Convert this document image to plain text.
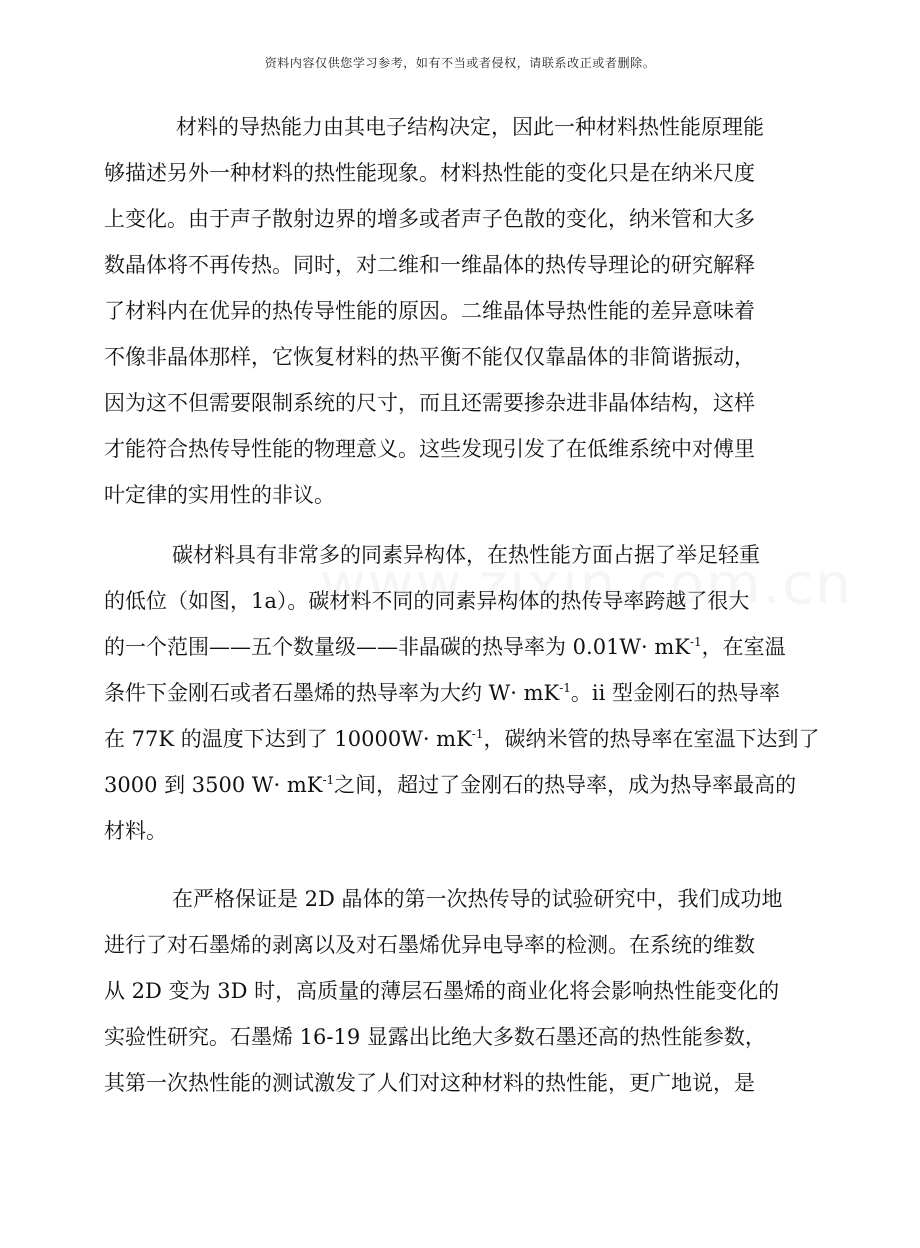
资料内容仅供您学习参考，如有不当或者侵权，请联系改正或者删除。
材料的导热能力由其电子结构决定，因此一种材料热性能原理能
够描述另外一种材料的热性能现象。材料热性能的变化只是在纳米尺度
上变化。由于声子散射边界的增多或者声子色散的变化，纳米管和大多
数晶体将不再传热。同时，对二维和一维晶体的热传导理论的研究解释
了材料内在优异的热传导性能的原因。二维晶体导热性能的差异意味着
不像非晶体那样，它恢复材料的热平衡不能仅仅靠晶体的非简谐振动，
因为这不但需要限制系统的尺寸，而且还需要掺杂进非晶体结构，这样
才能符合热传导性能的物理意义。这些发现引发了在低维系统中对傅里
叶定律的实用性的非议。
碳材料具有非常多的同素异构体，在热性能方面占据了举足轻重
的低位（如图，1a）。碳材料不同的同素异构体的热传导率跨越了很大
的一个范围——五个数量级——非晶碳的热导率为 $0.01W\cdot mK^{-1}$，在室温
条件下金刚石或者石墨烯的热导率为大约 $W\cdot mK^{-1}$。ii 型金刚石的热导率
在 77K 的温度下达到了 $10000W\cdot mK^{-1}$，碳纳米管的热导率在室温下达到了
3000 到 3500 $W\cdot mK^{-1}$之间，超过了金刚石的热导率，成为热导率最高的
材料。
在严格保证是 2D 晶体的第一次热传导的试验研究中，我们成功地
进行了对石墨烯的剥离以及对石墨烯优异电导率的检测。在系统的维数
从 2D 变为 3D 时，高质量的薄层石墨烯的商业化将会影响热性能变化的
实验性研究。石墨烯 16-19 显露出比绝大多数石墨还高的热性能参数，
其第一次热性能的测试激发了人们对这种材料的热性能，更广地说，是
